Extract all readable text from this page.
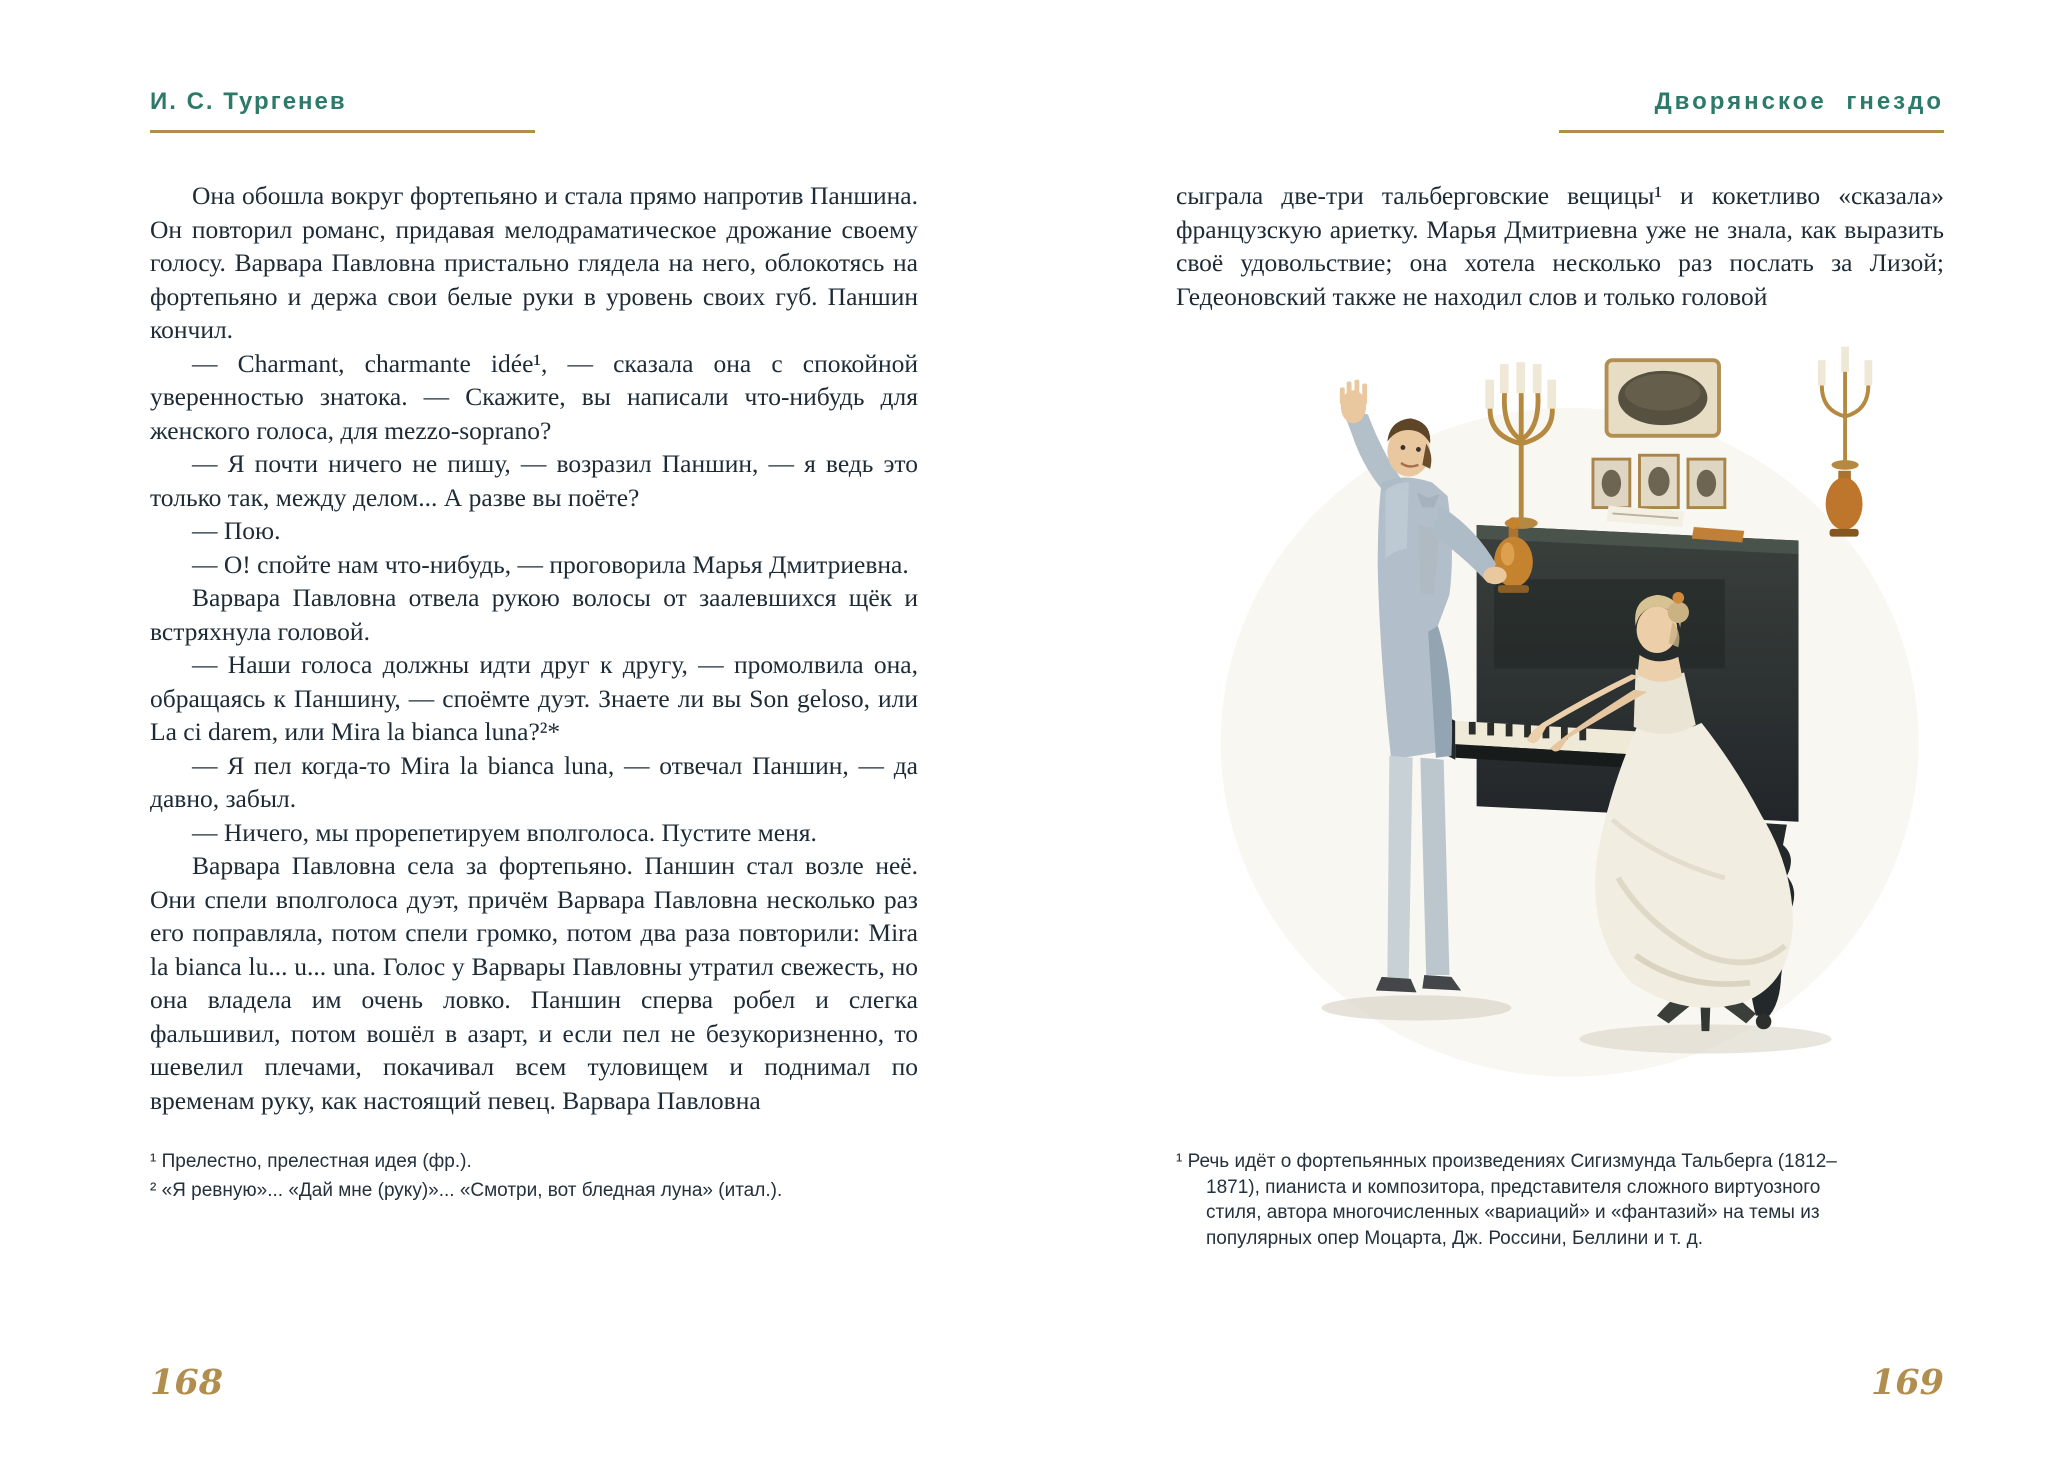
И. С. Тургенев

Она обошла вокруг фортепьяно и стала прямо напротив Паншина. Он повторил романс, придавая мелодраматическое дрожание своему голосу. Варвара Павловна пристально глядела на него, облокотясь на фортепьяно и держа свои белые руки в уровень своих губ. Паншин кончил.

— Charmant, charmante idée¹, — сказала она с спокойной уверенностью знатока. — Скажите, вы написали что-нибудь для женского голоса, для mezzo-soprano?

— Я почти ничего не пишу, — возразил Паншин, — я ведь это только так, между делом... А разве вы поёте?

— Пою.

— О! спойте нам что-нибудь, — проговорила Марья Дмитриевна.

Варвара Павловна отвела рукою волосы от заалевшихся щёк и встряхнула головой.

— Наши голоса должны идти друг к другу, — промолвила она, обращаясь к Паншину, — споёмте дуэт. Знаете ли вы Son geloso, или La ci darem, или Mira la bianca luna?²*

— Я пел когда-то Mira la bianca luna, — отвечал Паншин, — да давно, забыл.

— Ничего, мы прорепетируем вполголоса. Пустите меня.

Варвара Павловна села за фортепьяно. Паншин стал возле неё. Они спели вполголоса дуэт, причём Варвара Павловна несколько раз его поправляла, потом спели громко, потом два раза повторили: Mira la bianca lu... u... una. Голос у Варвары Павловны утратил свежесть, но она владела им очень ловко. Паншин сперва робел и слегка фальшивил, потом вошёл в азарт, и если пел не безукоризненно, то шевелил плечами, покачивал всем туловищем и поднимал по временам руку, как настоящий певец. Варвара Павловна

¹ Прелестно, прелестная идея (фр.).

² «Я ревную»... «Дай мне (руку)»... «Смотри, вот бледная луна» (итал.).

Дворянское гнездо

сыграла две-три тальберговские вещицы¹ и кокетливо «сказала» французскую ариетку. Марья Дмитриевна уже не знала, как выразить своё удовольствие; она хотела несколько раз послать за Лизой; Гедеоновский также не находил слов и только головой

¹ Речь идёт о фортепьянных произведениях Сигизмунда Тальберга (1812–1871), пианиста и композитора, представителя сложного виртуозного стиля, автора многочисленных «вариаций» и «фантазий» на темы из популярных опер Моцарта, Дж. Россини, Беллини и т. д.

168	169
